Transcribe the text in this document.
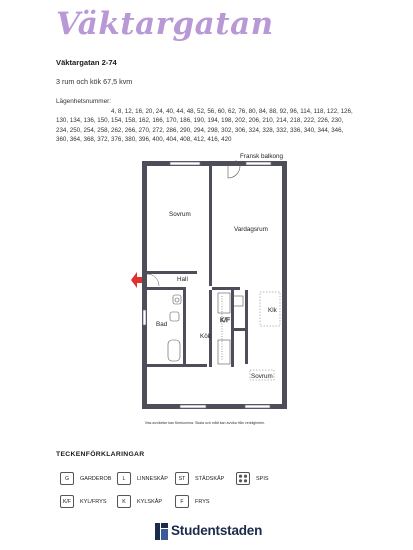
Väktargatan
Väktargatan 2-74
3 rum och kök 67,5 kvm
Lägenhetsnummer:
4, 8, 12, 16, 20, 24, 40, 44, 48, 52, 56, 60, 62, 76, 80, 84, 88, 92, 96, 114, 118, 122, 126, 130, 134, 136, 150, 154, 158, 162, 166, 170, 186, 190, 194, 198, 202, 206, 210, 214, 218, 222, 226, 230, 234, 250, 254, 258, 262, 266, 270, 272, 286, 290, 294, 298, 302, 306, 324, 328, 332, 336, 340, 344, 346, 360, 364, 368, 372, 376, 380, 396, 400, 404, 408, 412, 416, 420
Fransk balkong
K/F
Sovrum
Vardagsrum
Hall
Bad
Kök
Klk
Sovrum
Viss avvikelse kan förekomma. Skala och mått kan avvika från verkligheten.
TECKENFÖRKLARINGAR
G	GARDEROB	L	LINNESKÅP	ST	STÄDSKÅP	SPIS
K/F	KYL/FRYS	K	KYLSKÅP	F	FRYS
Studentstaden
